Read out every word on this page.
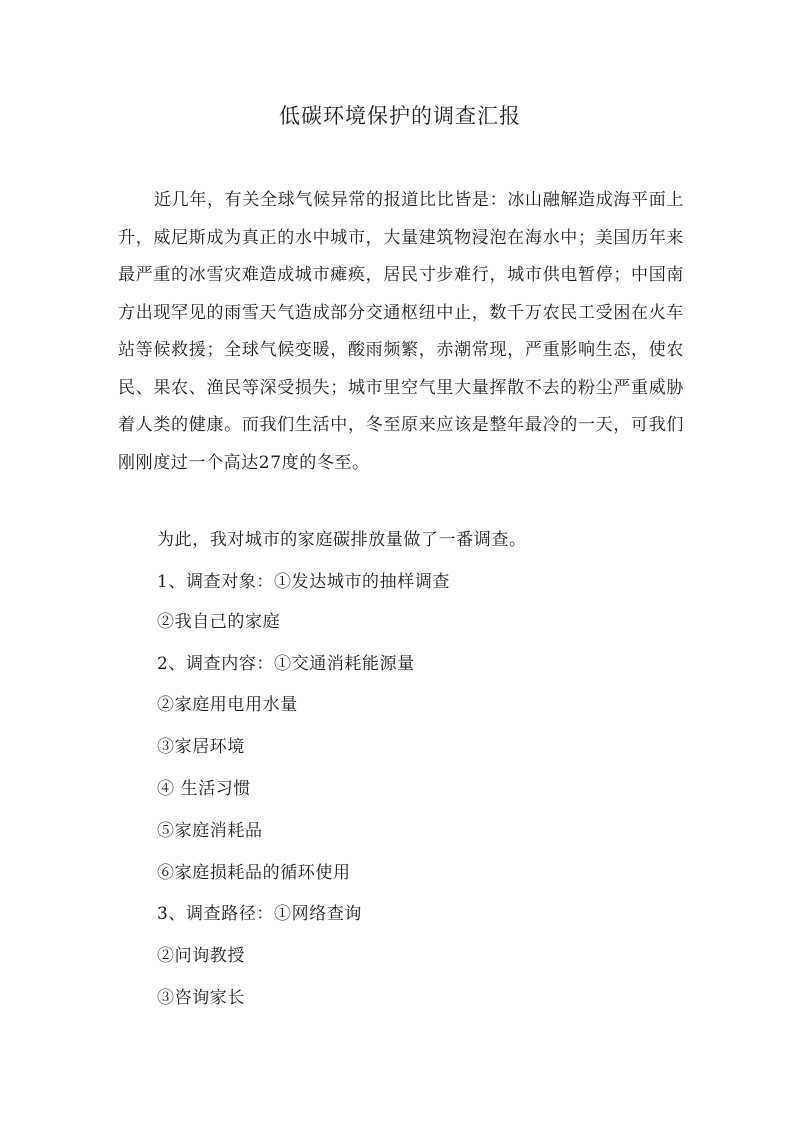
低碳环境保护的调查汇报

近几年，有关全球气候异常的报道比比皆是：冰山融解造成海平面上升，威尼斯成为真正的水中城市，大量建筑物浸泡在海水中；美国历年来最严重的冰雪灾难造成城市瘫痪，居民寸步难行，城市供电暂停；中国南方出现罕见的雨雪天气造成部分交通枢纽中止，数千万农民工受困在火车站等候救援；全球气候变暖，酸雨频繁，赤潮常现，严重影响生态，使农民、果农、渔民等深受损失；城市里空气里大量挥散不去的粉尘严重威胁着人类的健康。而我们生活中，冬至原来应该是整年最冷的一天，可我们刚刚度过一个高达27度的冬至。

为此，我对城市的家庭碳排放量做了一番调查。
1、调查对象：①发达城市的抽样调查
②我自己的家庭
2、调查内容：①交通消耗能源量
②家庭用电用水量
③家居环境
④ 生活习惯
⑤家庭消耗品
⑥家庭损耗品的循环使用
3、调查路径：①网络查询
②问询教授
③咨询家长
